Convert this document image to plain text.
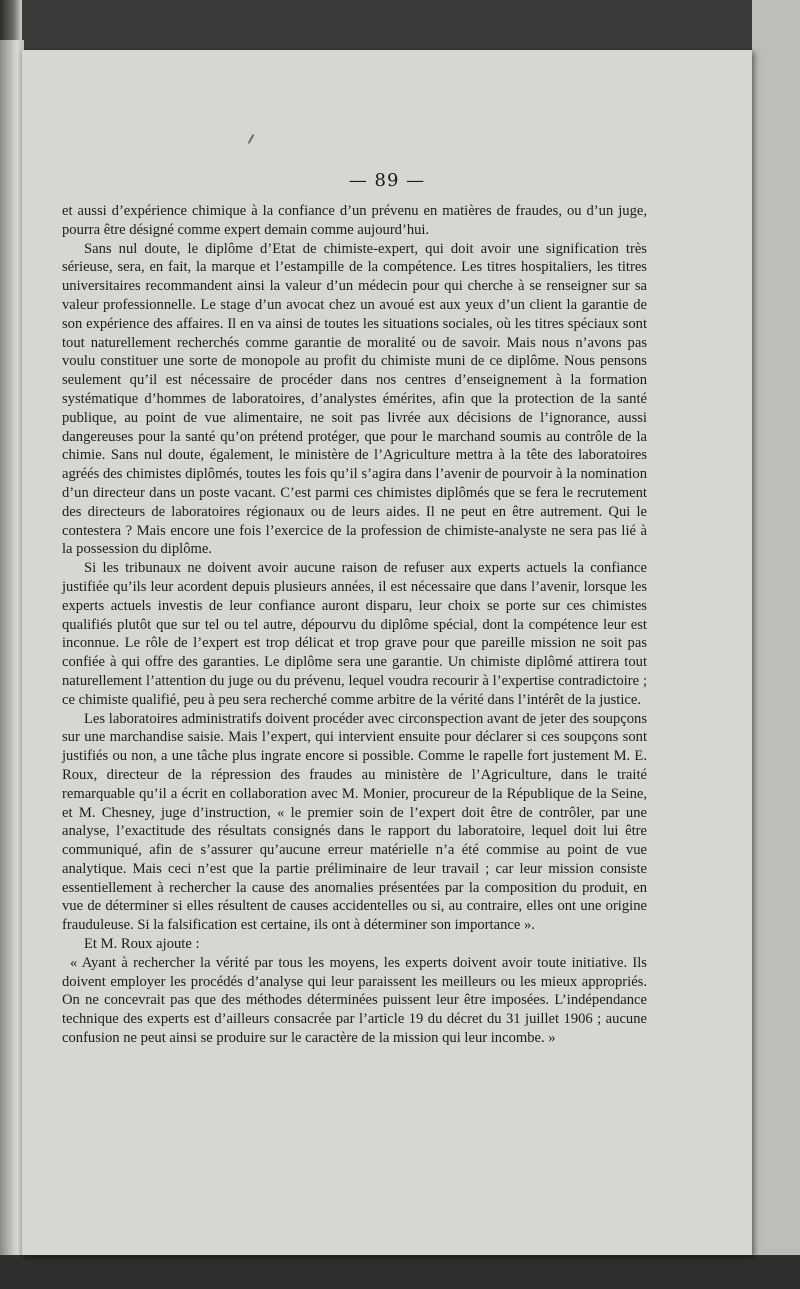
— 89 —

et aussi d’expérience chimique à la confiance d’un prévenu en matières de fraudes, ou d’un juge, pourra être désigné comme expert demain comme aujourd’hui.

Sans nul doute, le diplôme d’Etat de chimiste-expert, qui doit avoir une signification très sérieuse, sera, en fait, la marque et l’estampille de la compétence. Les titres hospitaliers, les titres universitaires recommandent ainsi la valeur d’un médecin pour qui cherche à se renseigner sur sa valeur professionnelle. Le stage d’un avocat chez un avoué est aux yeux d’un client la garantie de son expérience des affaires. Il en va ainsi de toutes les situations sociales, où les titres spéciaux sont tout naturellement recherchés comme garantie de moralité ou de savoir. Mais nous n’avons pas voulu constituer une sorte de monopole au profit du chimiste muni de ce diplôme. Nous pensons seulement qu’il est nécessaire de procéder dans nos centres d’enseignement à la formation systématique d’hommes de laboratoires, d’analystes émérites, afin que la protection de la santé publique, au point de vue alimentaire, ne soit pas livrée aux décisions de l’ignorance, aussi dangereuses pour la santé qu’on prétend protéger, que pour le marchand soumis au contrôle de la chimie. Sans nul doute, également, le ministère de l’Agriculture mettra à la tête des laboratoires agréés des chimistes diplômés, toutes les fois qu’il s’agira dans l’avenir de pourvoir à la nomination d’un directeur dans un poste vacant. C’est parmi ces chimistes diplômés que se fera le recrutement des directeurs de laboratoires régionaux ou de leurs aides. Il ne peut en être autrement. Qui le contestera ? Mais encore une fois l’exercice de la profession de chimiste-analyste ne sera pas lié à la possession du diplôme.

Si les tribunaux ne doivent avoir aucune raison de refuser aux experts actuels la confiance justifiée qu’ils leur acordent depuis plusieurs années, il est nécessaire que dans l’avenir, lorsque les experts actuels investis de leur confiance auront disparu, leur choix se porte sur ces chimistes qualifiés plutôt que sur tel ou tel autre, dépourvu du diplôme spécial, dont la compétence leur est inconnue. Le rôle de l’expert est trop délicat et trop grave pour que pareille mission ne soit pas confiée à qui offre des garanties. Le diplôme sera une garantie. Un chimiste diplômé attirera tout naturellement l’attention du juge ou du prévenu, lequel voudra recourir à l’expertise contradictoire ; ce chimiste qualifié, peu à peu sera recherché comme arbitre de la vérité dans l’intérêt de la justice.

Les laboratoires administratifs doivent procéder avec circonspection avant de jeter des soupçons sur une marchandise saisie. Mais l’expert, qui intervient ensuite pour déclarer si ces soupçons sont justifiés ou non, a une tâche plus ingrate encore si possible. Comme le rapelle fort justement M. E. Roux, directeur de la répression des fraudes au ministère de l’Agriculture, dans le traité remarquable qu’il a écrit en collaboration avec M. Monier, procureur de la République de la Seine, et M. Chesney, juge d’instruction, « le premier soin de l’expert doit être de contrôler, par une analyse, l’exactitude des résultats consignés dans le rapport du laboratoire, lequel doit lui être communiqué, afin de s’assurer qu’aucune erreur matérielle n’a été commise au point de vue analytique. Mais ceci n’est que la partie préliminaire de leur travail ; car leur mission consiste essentiellement à rechercher la cause des anomalies présentées par la composition du produit, en vue de déterminer si elles résultent de causes accidentelles ou si, au contraire, elles ont une origine frauduleuse. Si la falsification est certaine, ils ont à déterminer son importance ».

Et M. Roux ajoute :

« Ayant à rechercher la vérité par tous les moyens, les experts doivent avoir toute initiative. Ils doivent employer les procédés d’analyse qui leur paraissent les meilleurs ou les mieux appropriés. On ne concevrait pas que des méthodes déterminées puissent leur être imposées. L’indépendance technique des experts est d’ailleurs consacrée par l’article 19 du décret du 31 juillet 1906 ; aucune confusion ne peut ainsi se produire sur le caractère de la mission qui leur incombe. »
